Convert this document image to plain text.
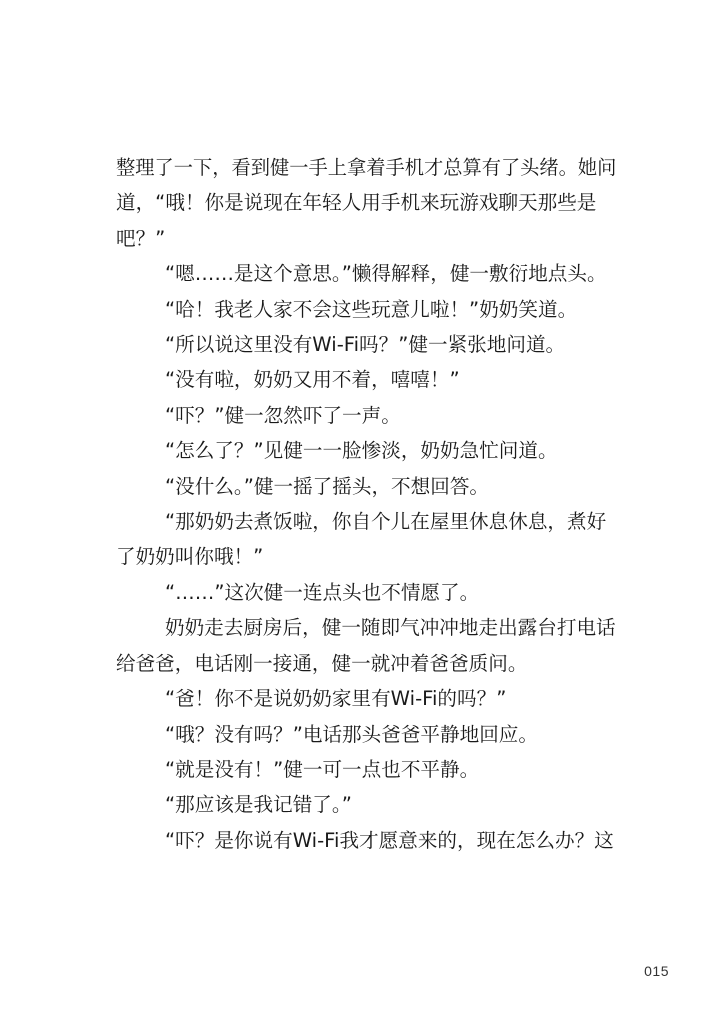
整理了一下，看到健一手上拿着手机才总算有了头绪。她问
道，“哦！你是说现在年轻人用手机来玩游戏聊天那些是
吧？”
“嗯……是这个意思。”懒得解释，健一敷衍地点头。
“哈！我老人家不会这些玩意儿啦！”奶奶笑道。
“所以说这里没有Wi-Fi吗？”健一紧张地问道。
“没有啦，奶奶又用不着，嘻嘻！”
“吓？”健一忽然吓了一声。
“怎么了？”见健一一脸惨淡，奶奶急忙问道。
“没什么。”健一摇了摇头，不想回答。
“那奶奶去煮饭啦，你自个儿在屋里休息休息，煮好
了奶奶叫你哦！”
“……”这次健一连点头也不情愿了。
奶奶走去厨房后，健一随即气冲冲地走出露台打电话
给爸爸，电话刚一接通，健一就冲着爸爸质问。
“爸！你不是说奶奶家里有Wi-Fi的吗？”
“哦？没有吗？”电话那头爸爸平静地回应。
“就是没有！”健一可一点也不平静。
“那应该是我记错了。”
“吓？是你说有Wi-Fi我才愿意来的，现在怎么办？这
015
